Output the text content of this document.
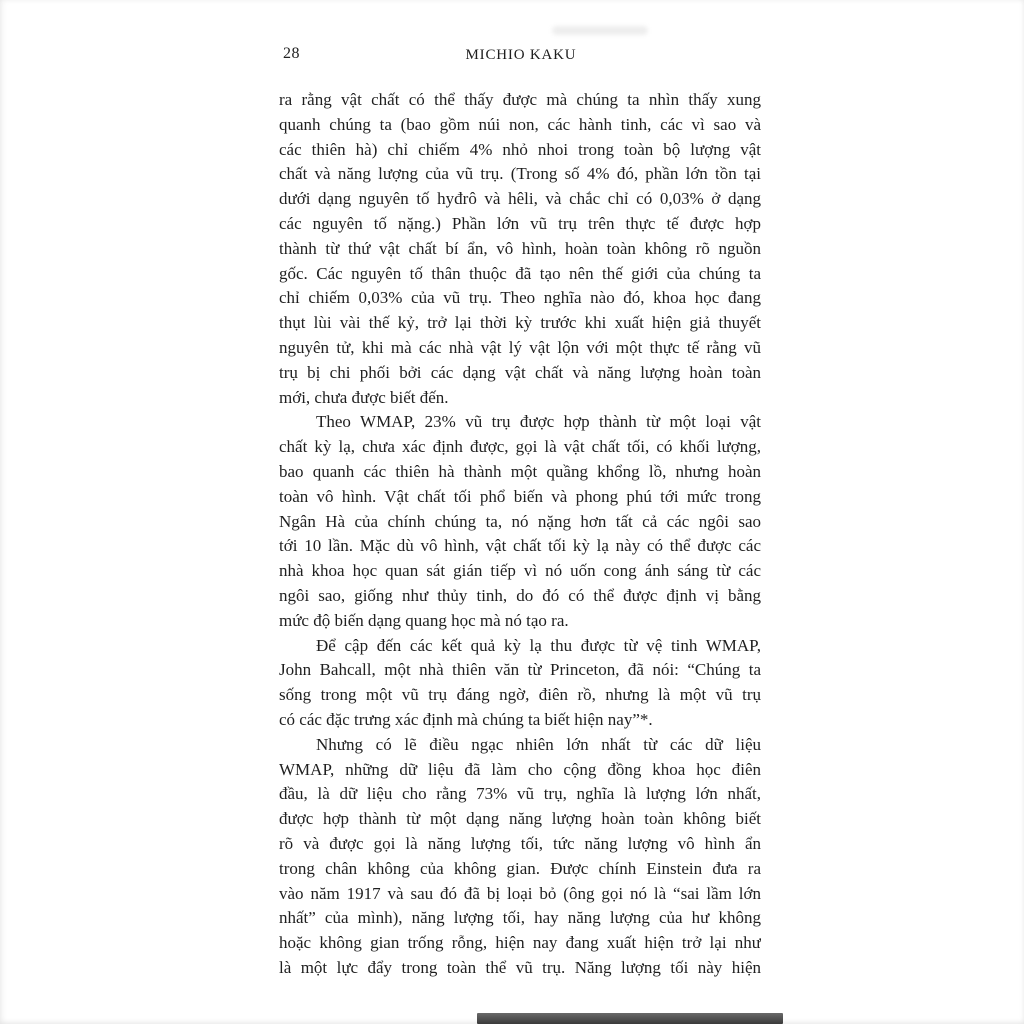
28	MICHIO KAKU
ra rằng vật chất có thể thấy được mà chúng ta nhìn thấy xung
quanh chúng ta (bao gồm núi non, các hành tinh, các vì sao và
các thiên hà) chỉ chiếm 4% nhỏ nhoi trong toàn bộ lượng vật
chất và năng lượng của vũ trụ. (Trong số 4% đó, phần lớn tồn tại
dưới dạng nguyên tố hyđrô và hêli, và chắc chỉ có 0,03% ở dạng
các nguyên tố nặng.) Phần lớn vũ trụ trên thực tế được hợp
thành từ thứ vật chất bí ẩn, vô hình, hoàn toàn không rõ nguồn
gốc. Các nguyên tố thân thuộc đã tạo nên thế giới của chúng ta
chỉ chiếm 0,03% của vũ trụ. Theo nghĩa nào đó, khoa học đang
thụt lùi vài thế kỷ, trở lại thời kỳ trước khi xuất hiện giả thuyết
nguyên tử, khi mà các nhà vật lý vật lộn với một thực tế rằng vũ
trụ bị chi phối bởi các dạng vật chất và năng lượng hoàn toàn
mới, chưa được biết đến.
Theo WMAP, 23% vũ trụ được hợp thành từ một loại vật
chất kỳ lạ, chưa xác định được, gọi là vật chất tối, có khối lượng,
bao quanh các thiên hà thành một quầng khổng lồ, nhưng hoàn
toàn vô hình. Vật chất tối phổ biến và phong phú tới mức trong
Ngân Hà của chính chúng ta, nó nặng hơn tất cả các ngôi sao
tới 10 lần. Mặc dù vô hình, vật chất tối kỳ lạ này có thể được các
nhà khoa học quan sát gián tiếp vì nó uốn cong ánh sáng từ các
ngôi sao, giống như thủy tinh, do đó có thể được định vị bằng
mức độ biến dạng quang học mà nó tạo ra.
Để cập đến các kết quả kỳ lạ thu được từ vệ tinh WMAP,
John Bahcall, một nhà thiên văn từ Princeton, đã nói: “Chúng ta
sống trong một vũ trụ đáng ngờ, điên rồ, nhưng là một vũ trụ
có các đặc trưng xác định mà chúng ta biết hiện nay”*.
Nhưng có lẽ điều ngạc nhiên lớn nhất từ các dữ liệu
WMAP, những dữ liệu đã làm cho cộng đồng khoa học điên
đầu, là dữ liệu cho rằng 73% vũ trụ, nghĩa là lượng lớn nhất,
được hợp thành từ một dạng năng lượng hoàn toàn không biết
rõ và được gọi là năng lượng tối, tức năng lượng vô hình ẩn
trong chân không của không gian. Được chính Einstein đưa ra
vào năm 1917 và sau đó đã bị loại bỏ (ông gọi nó là “sai lầm lớn
nhất” của mình), năng lượng tối, hay năng lượng của hư không
hoặc không gian trống rỗng, hiện nay đang xuất hiện trở lại như
là một lực đẩy trong toàn thể vũ trụ. Năng lượng tối này hiện
